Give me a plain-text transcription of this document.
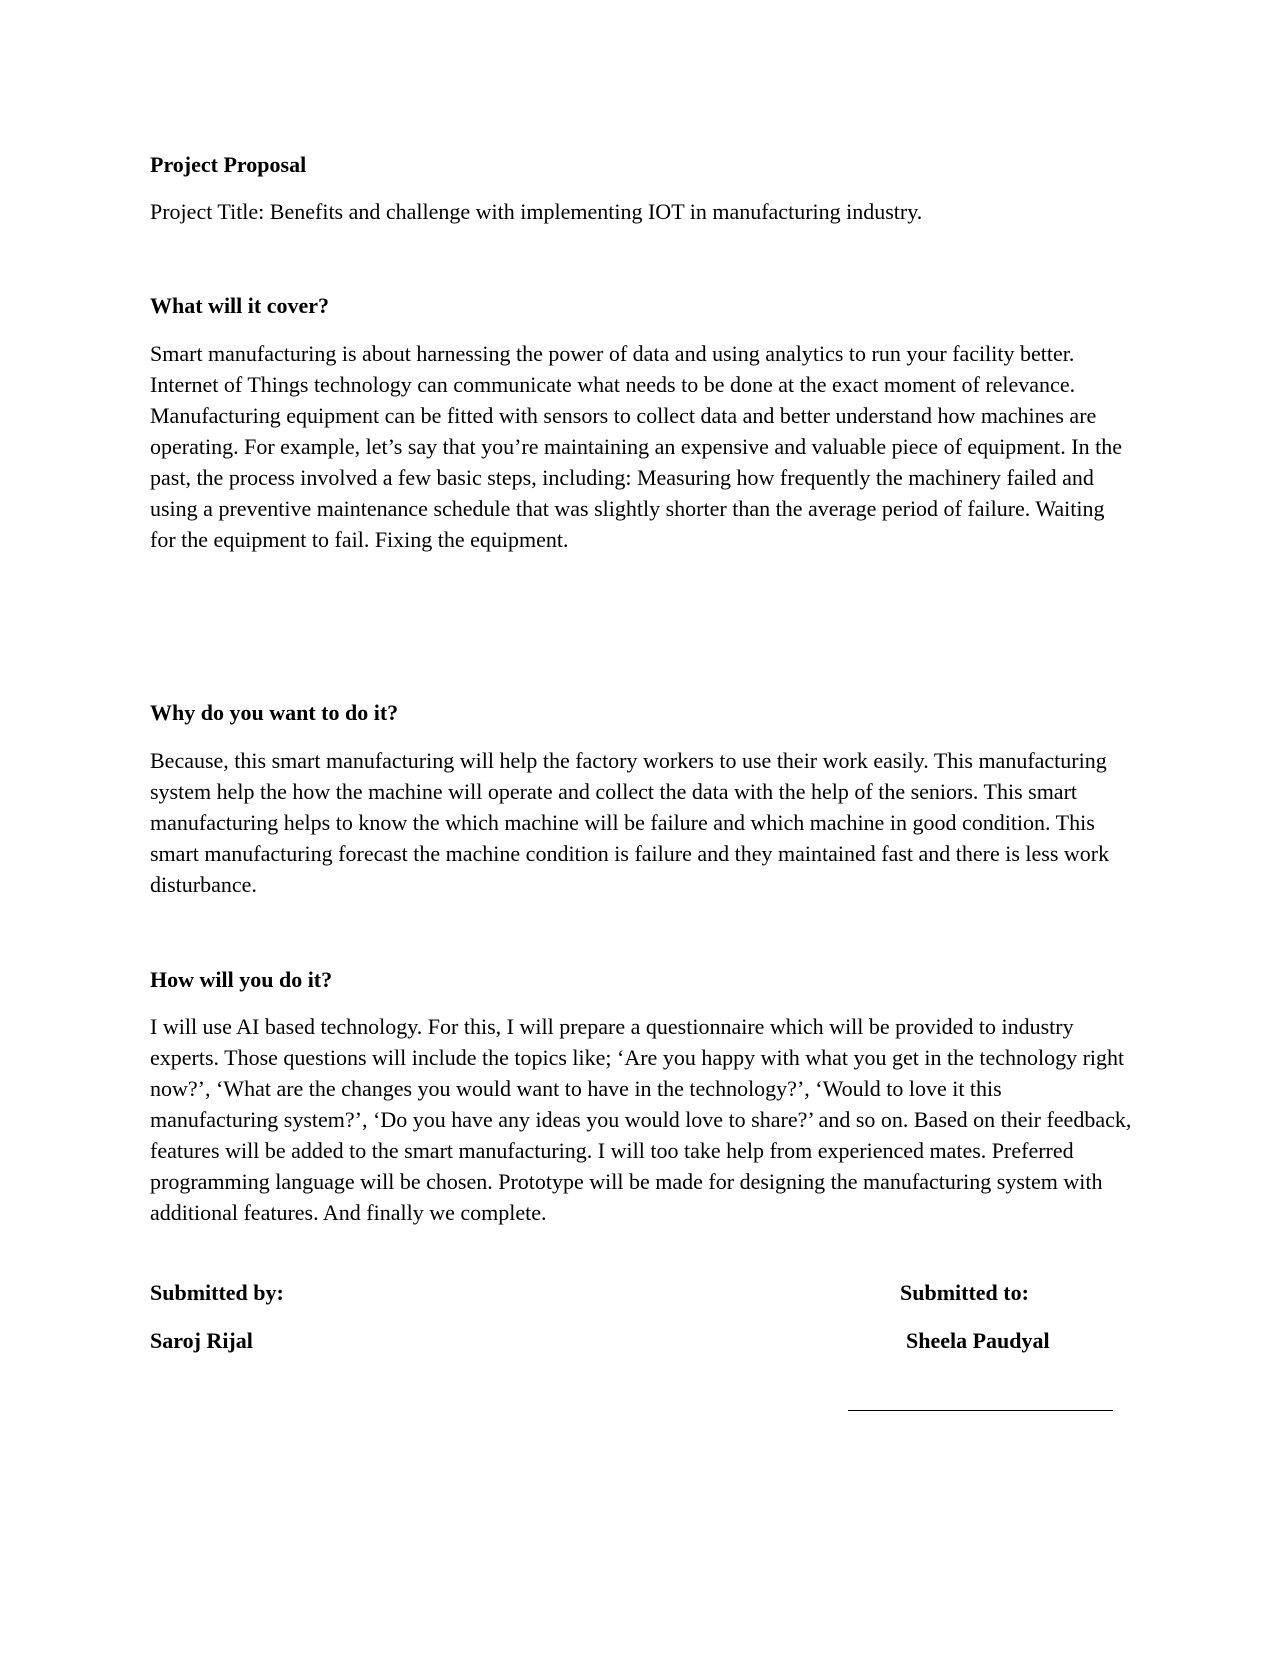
Project Proposal
Project Title: Benefits and challenge with implementing IOT in manufacturing industry.
What will it cover?
Smart manufacturing is about harnessing the power of data and using analytics to run your facility better. Internet of Things technology can communicate what needs to be done at the exact moment of relevance. Manufacturing equipment can be fitted with sensors to collect data and better understand how machines are operating. For example, let’s say that you’re maintaining an expensive and valuable piece of equipment. In the past, the process involved a few basic steps, including: Measuring how frequently the machinery failed and using a preventive maintenance schedule that was slightly shorter than the average period of failure. Waiting for the equipment to fail. Fixing the equipment.
Why do you want to do it?
Because, this smart manufacturing will help the factory workers to use their work easily. This manufacturing system help the how the machine will operate and collect the data with the help of the seniors. This smart manufacturing helps to know the which machine will be failure and which machine in good condition. This smart manufacturing forecast the machine condition is failure and they maintained fast and there is less work disturbance.
How will you do it?
I will use AI based technology. For this, I will prepare a questionnaire which will be provided to industry experts. Those questions will include the topics like; ‘Are you happy with what you get in the technology right now?’, ‘What are the changes you would want to have in the technology?’, ‘Would to love it this manufacturing system?’, ‘Do you have any ideas you would love to share?’ and so on. Based on their feedback, features will be added to the smart manufacturing. I will too take help from experienced mates. Preferred programming language will be chosen. Prototype will be made for designing the manufacturing system with additional features. And finally we complete.
Submitted by:	Submitted to:
Saroj Rijal	Sheela Paudyal
